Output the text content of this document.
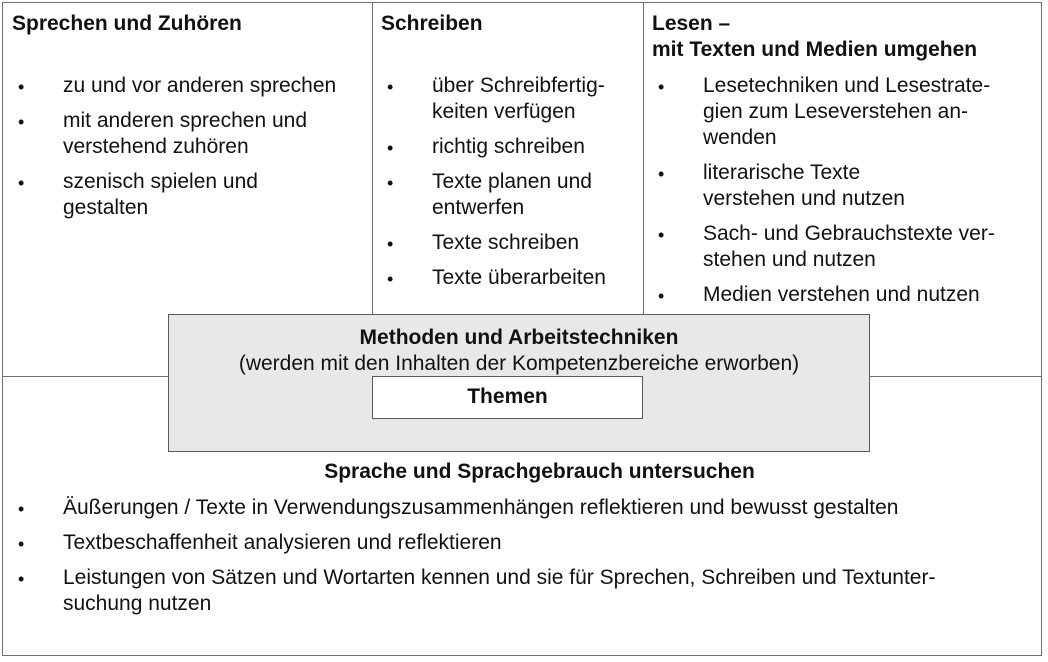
Sprechen und Zuhören
• zu und vor anderen sprechen
• mit anderen sprechen und
verstehend zuhören
• szenisch spielen und
gestalten
Schreiben
• über Schreibfertig-
keiten verfügen
• richtig schreiben
• Texte planen und
entwerfen
• Texte schreiben
• Texte überarbeiten
Lesen –
mit Texten und Medien umgehen
• Lesetechniken und Lesestrate-
gien zum Leseverstehen an-
wenden
• literarische Texte
verstehen und nutzen
• Sach- und Gebrauchstexte ver-
stehen und nutzen
• Medien verstehen und nutzen
Methoden und Arbeitstechniken
(werden mit den Inhalten der Kompetenzbereiche erworben)
Themen
Sprache und Sprachgebrauch untersuchen
• Äußerungen / Texte in Verwendungszusammenhängen reflektieren und bewusst gestalten
• Textbeschaffenheit analysieren und reflektieren
• Leistungen von Sätzen und Wortarten kennen und sie für Sprechen, Schreiben und Textunter-
suchung nutzen
